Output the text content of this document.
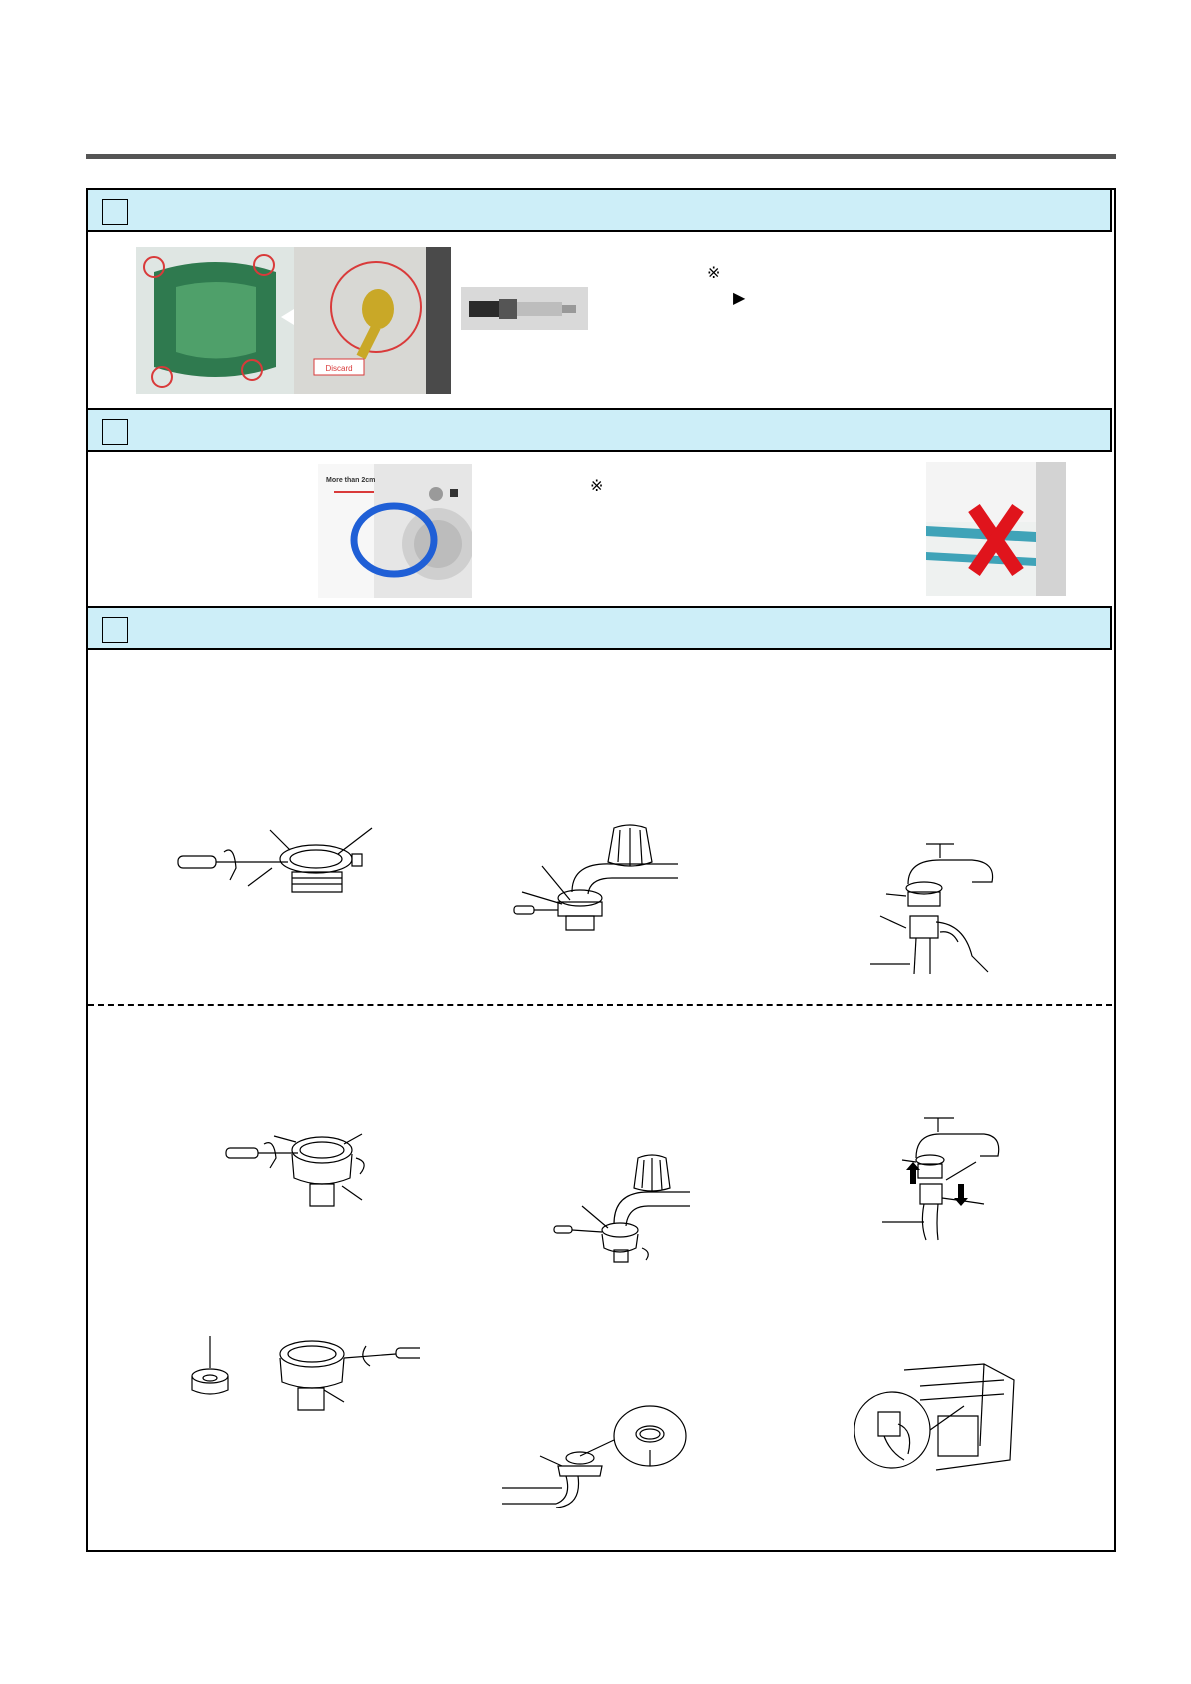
Discard
※
▶
More than 2cm	※
